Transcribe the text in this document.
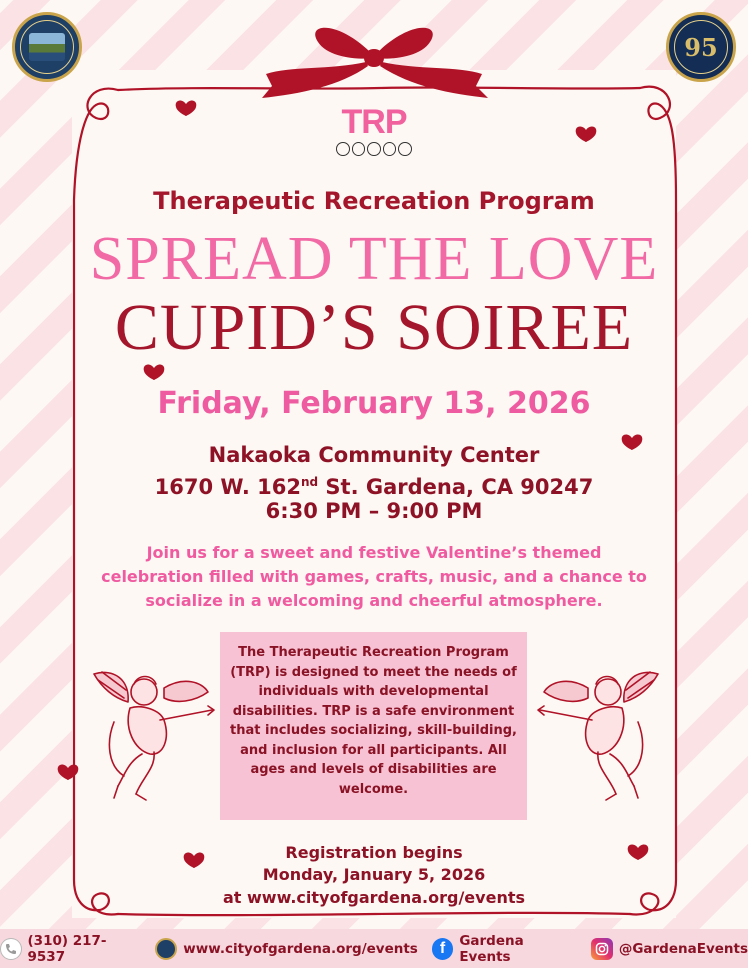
95
TRP
Therapeutic Recreation Program
SPREAD THE LOVE
CUPID’S SOIREE
Friday, February 13, 2026
Nakaoka Community Center
1670 W. 162nd St. Gardena, CA 90247
6:30 PM – 9:00 PM
Join us for a sweet and festive Valentine’s themed celebration filled with games, crafts, music, and a chance to socialize in a welcoming and cheerful atmosphere.
The Therapeutic Recreation Program (TRP) is designed to meet the needs of individuals with developmental disabilities. TRP is a safe environment that includes socializing, skill-building, and inclusion for all participants. All ages and levels of disabilities are welcome.
Registration begins
Monday, January 5, 2026
at www.cityofgardena.org/events
(310) 217-9537	www.cityofgardena.org/events	f	Gardena Events	@GardenaEvents
